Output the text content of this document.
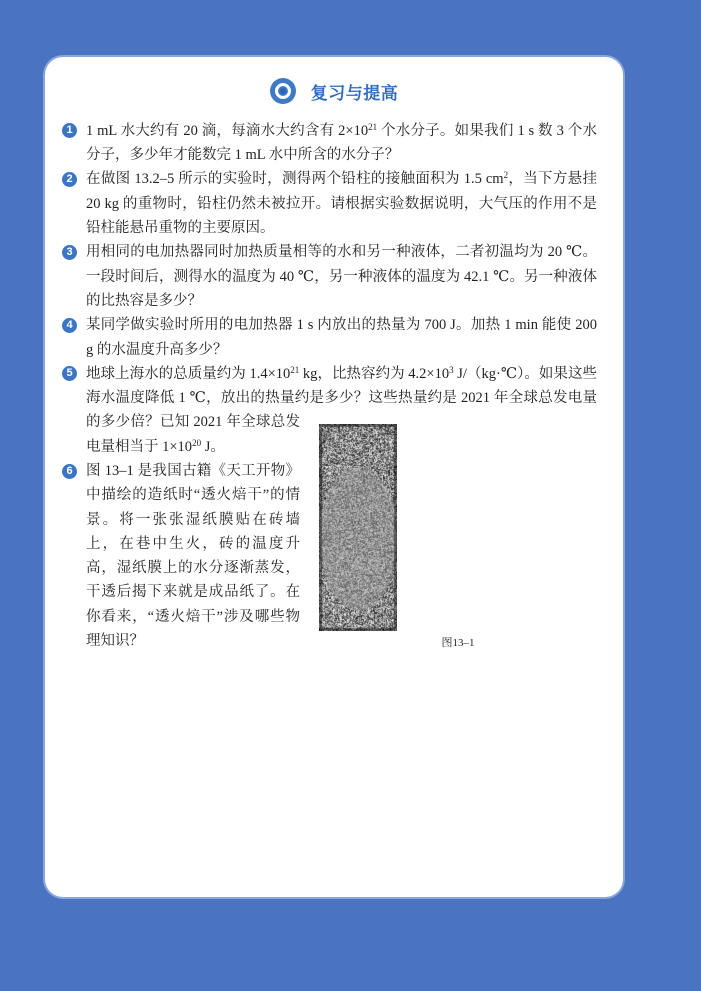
复习与提高
1 1 mL 水大约有 20 滴，每滴水大约含有 $2\times 10^{21}$ 个水分子。如果我们 1 s 数 3 个水分子，多少年才能数完 1 mL 水中所含的水分子？
2 在做图 13.2–5 所示的实验时，测得两个铅柱的接触面积为 1.5 $cm^2$，当下方悬挂 20 kg 的重物时，铅柱仍然未被拉开。请根据实验数据说明，大气压的作用不是铅柱能悬吊重物的主要原因。
3 用相同的电加热器同时加热质量相等的水和另一种液体，二者初温均为 20 ℃。一段时间后，测得水的温度为 40 ℃，另一种液体的温度为 42.1 ℃。另一种液体的比热容是多少？
4 某同学做实验时所用的电加热器 1 s 内放出的热量为 700 J。加热 1 min 能使 200 g 的水温度升高多少？
5
图13–1
地球上海水的总质量约为 $1.4\times 10^{21}$ kg，比热容约为 $4.2\times 10^3$ J/（kg·℃）。如果这些海水温度降低 1 ℃，放出的热量约是多少？这些热量约是 2021 年全球总发电量的多少倍？已知 2021 年全球总发电量相当于 $1\times 10^{20}$ J。
6 图 13–1 是我国古籍《天工开物》中描绘的造纸时“透火焙干”的情景。将一张张湿纸膜贴在砖墙上，在巷中生火，砖的温度升高，湿纸膜上的水分逐渐蒸发，干透后揭下来就是成品纸了。在你看来，“透火焙干”涉及哪些物理知识？
